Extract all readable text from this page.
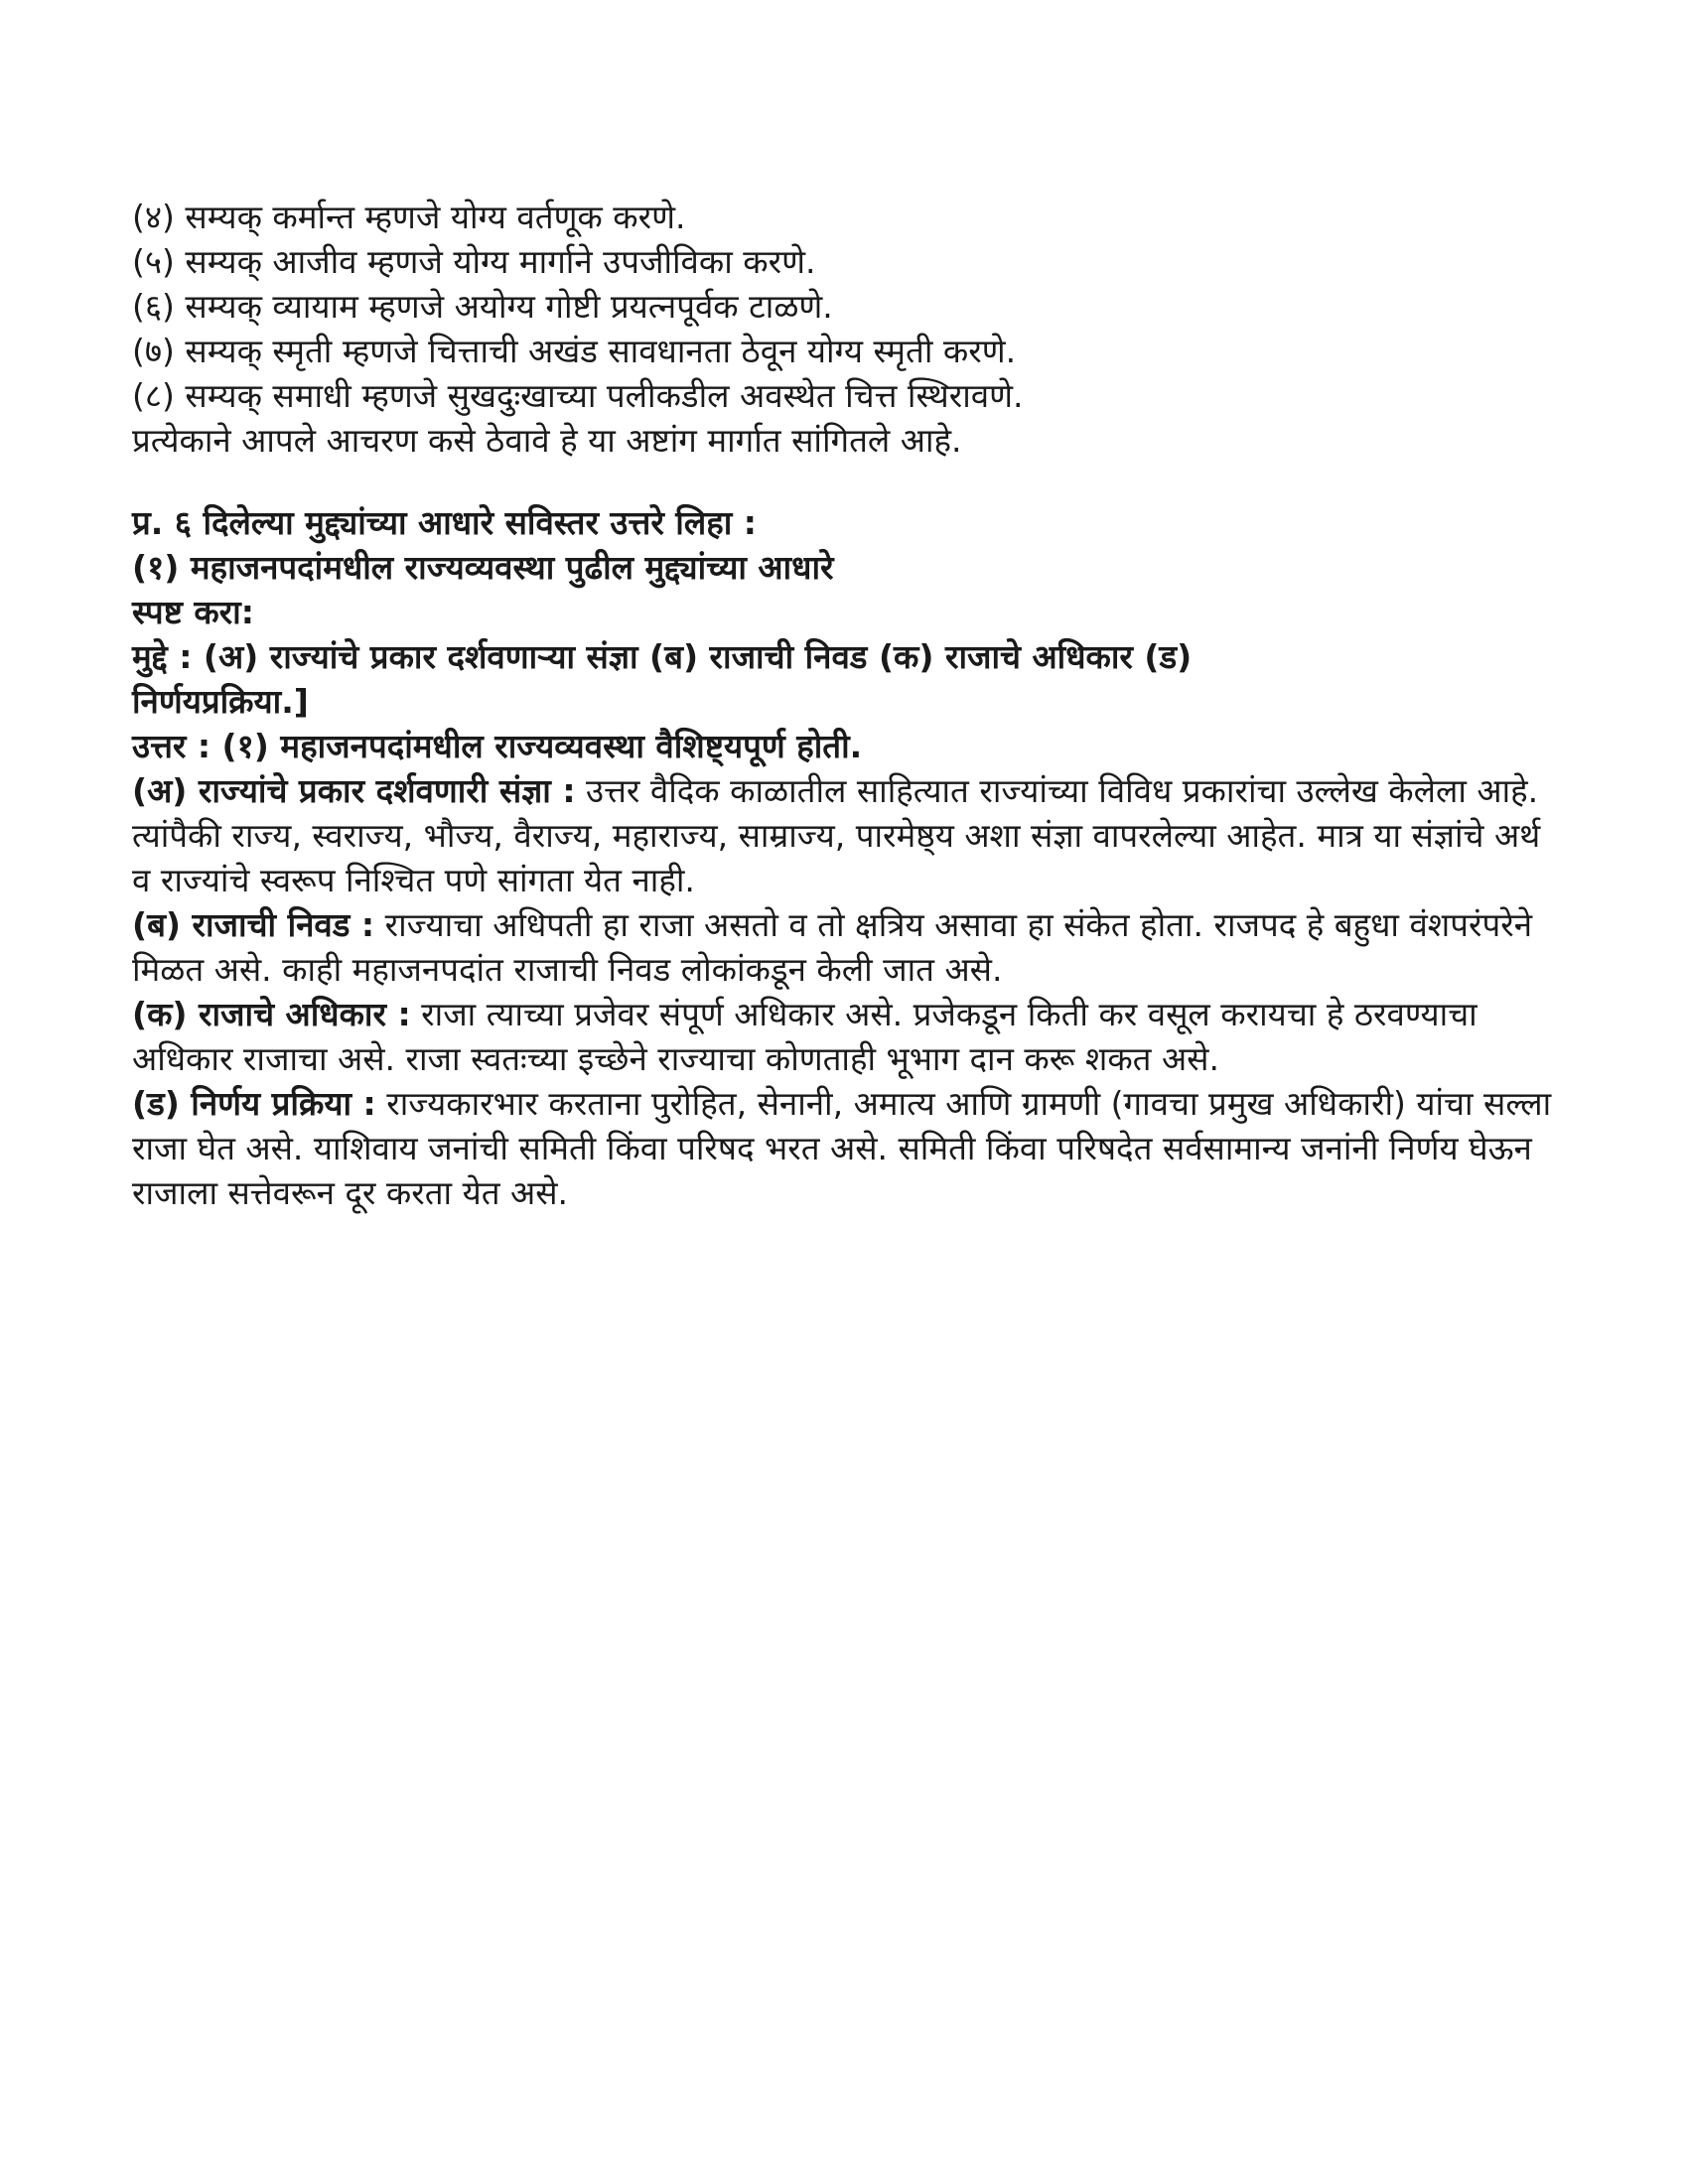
(४) सम्यक् कर्मान्त म्हणजे योग्य वर्तणूक करणे.
(५) सम्यक् आजीव म्हणजे योग्य मार्गाने उपजीविका करणे.
(६) सम्यक् व्यायाम म्हणजे अयोग्य गोष्टी प्रयत्नपूर्वक टाळणे.
(७) सम्यक् स्मृती म्हणजे चित्ताची अखंड सावधानता ठेवून योग्य स्मृती करणे.
(८) सम्यक् समाधी म्हणजे सुखदुःखाच्या पलीकडील अवस्थेत चित्त स्थिरावणे.
प्रत्येकाने आपले आचरण कसे ठेवावे हे या अष्टांग मार्गात सांगितले आहे.
प्र. ६ दिलेल्या मुद्द्यांच्या आधारे सविस्तर उत्तरे लिहा :
(१) महाजनपदांमधील राज्यव्यवस्था पुढील मुद्द्यांच्या आधारे
स्पष्ट करा:
मुद्दे : (अ) राज्यांचे प्रकार दर्शवणाऱ्या संज्ञा (ब) राजाची निवड (क) राजाचे अधिकार (ड)
निर्णयप्रक्रिया.]
उत्तर : (१) महाजनपदांमधील राज्यव्यवस्था वैशिष्ट्यपूर्ण होती.
(अ) राज्यांचे प्रकार दर्शवणारी संज्ञा : उत्तर वैदिक काळातील साहित्यात राज्यांच्या विविध प्रकारांचा उल्लेख केलेला आहे. त्यांपैकी राज्य, स्वराज्य, भौज्य, वैराज्य, महाराज्य, साम्राज्य, पारमेष्ठ्य अशा संज्ञा वापरलेल्या आहेत. मात्र या संज्ञांचे अर्थ व राज्यांचे स्वरूप निश्चित पणे सांगता येत नाही.
(ब) राजाची निवड : राज्याचा अधिपती हा राजा असतो व तो क्षत्रिय असावा हा संकेत होता. राजपद हे बहुधा वंशपरंपरेने मिळत असे. काही महाजनपदांत राजाची निवड लोकांकडून केली जात असे.
(क) राजाचे अधिकार : राजा त्याच्या प्रजेवर संपूर्ण अधिकार असे. प्रजेकडून किती कर वसूल करायचा हे ठरवण्याचा अधिकार राजाचा असे. राजा स्वतःच्या इच्छेने राज्याचा कोणताही भूभाग दान करू शकत असे.
(ड) निर्णय प्रक्रिया : राज्यकारभार करताना पुरोहित, सेनानी, अमात्य आणि ग्रामणी (गावचा प्रमुख अधिकारी) यांचा सल्ला राजा घेत असे. याशिवाय जनांची समिती किंवा परिषद भरत असे. समिती किंवा परिषदेत सर्वसामान्य जनांनी निर्णय घेऊन राजाला सत्तेवरून दूर करता येत असे.
